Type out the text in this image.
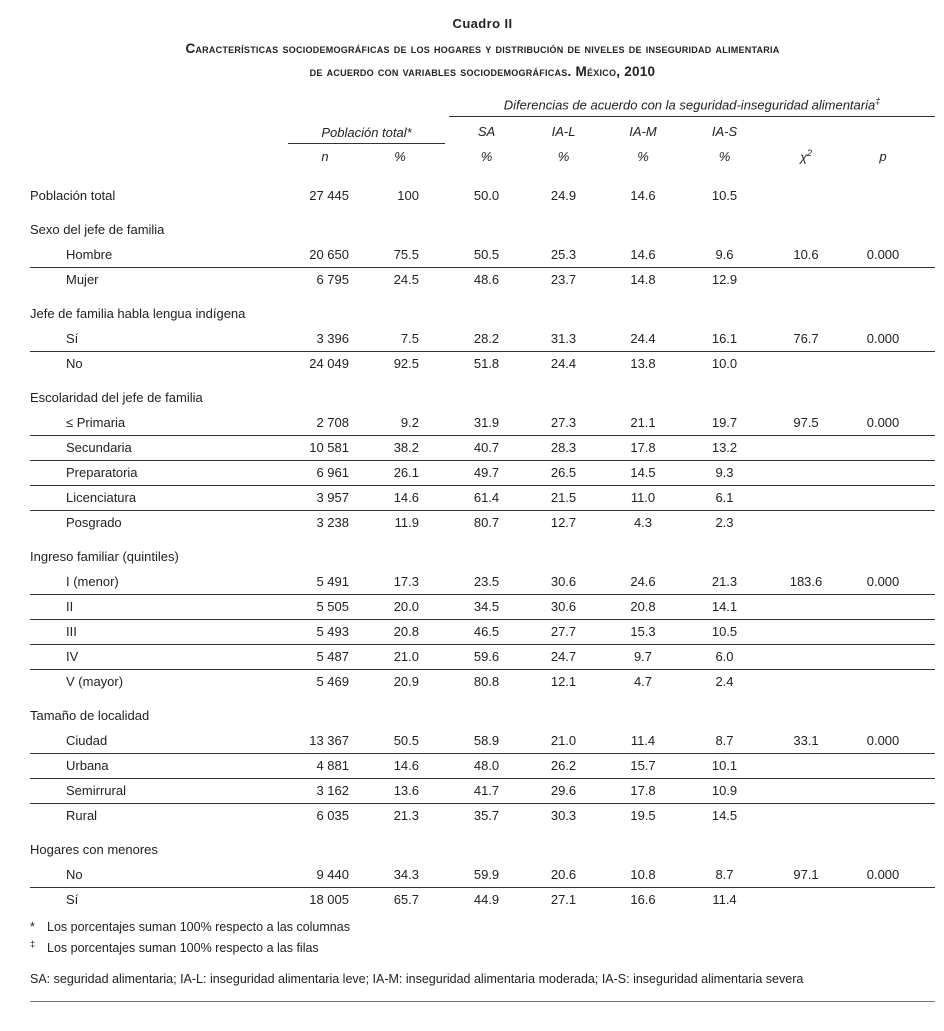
Cuadro II
Características sociodemográficas de los hogares y distribución de niveles de inseguridad alimentaria
de acuerdo con variables sociodemográficas. México, 2010

			Diferencias de acuerdo con la seguridad-inseguridad alimentaria‡

	Población total*		SA	IA-L	IA-M	IA-S		
	n	%	%	%	%	%	$\chi^2$	p
Población total	27 445	100	50.0	24.9	14.6	10.5		
Sexo del jefe de familia								
Hombre	20 650	75.5	50.5	25.3	14.6	9.6	10.6	0.000
Mujer	6 795	24.5	48.6	23.7	14.8	12.9		
Jefe de familia habla lengua indígena								
Sí	3 396	7.5	28.2	31.3	24.4	16.1	76.7	0.000
No	24 049	92.5	51.8	24.4	13.8	10.0		
Escolaridad del jefe de familia								
≤ Primaria	2 708	9.2	31.9	27.3	21.1	19.7	97.5	0.000
Secundaria	10 581	38.2	40.7	28.3	17.8	13.2		
Preparatoria	6 961	26.1	49.7	26.5	14.5	9.3		
Licenciatura	3 957	14.6	61.4	21.5	11.0	6.1		
Posgrado	3 238	11.9	80.7	12.7	4.3	2.3		
Ingreso familiar (quintiles)								
I (menor)	5 491	17.3	23.5	30.6	24.6	21.3	183.6	0.000
II	5 505	20.0	34.5	30.6	20.8	14.1		
III	5 493	20.8	46.5	27.7	15.3	10.5		
IV	5 487	21.0	59.6	24.7	9.7	6.0		
V (mayor)	5 469	20.9	80.8	12.1	4.7	2.4		
Tamaño de localidad								
Ciudad	13 367	50.5	58.9	21.0	11.4	8.7	33.1	0.000
Urbana	4 881	14.6	48.0	26.2	15.7	10.1		
Semirrural	3 162	13.6	41.7	29.6	17.8	10.9		
Rural	6 035	21.3	35.7	30.3	19.5	14.5		
Hogares con menores								
No	9 440	34.3	59.9	20.6	10.8	8.7	97.1	0.000
Sí	18 005	65.7	44.9	27.1	16.6	11.4		
* Los porcentajes suman 100% respecto a las columnas
‡ Los porcentajes suman 100% respecto a las filas
SA: seguridad alimentaria; IA-L: inseguridad alimentaria leve; IA-M: inseguridad alimentaria moderada; IA-S: inseguridad alimentaria severa
